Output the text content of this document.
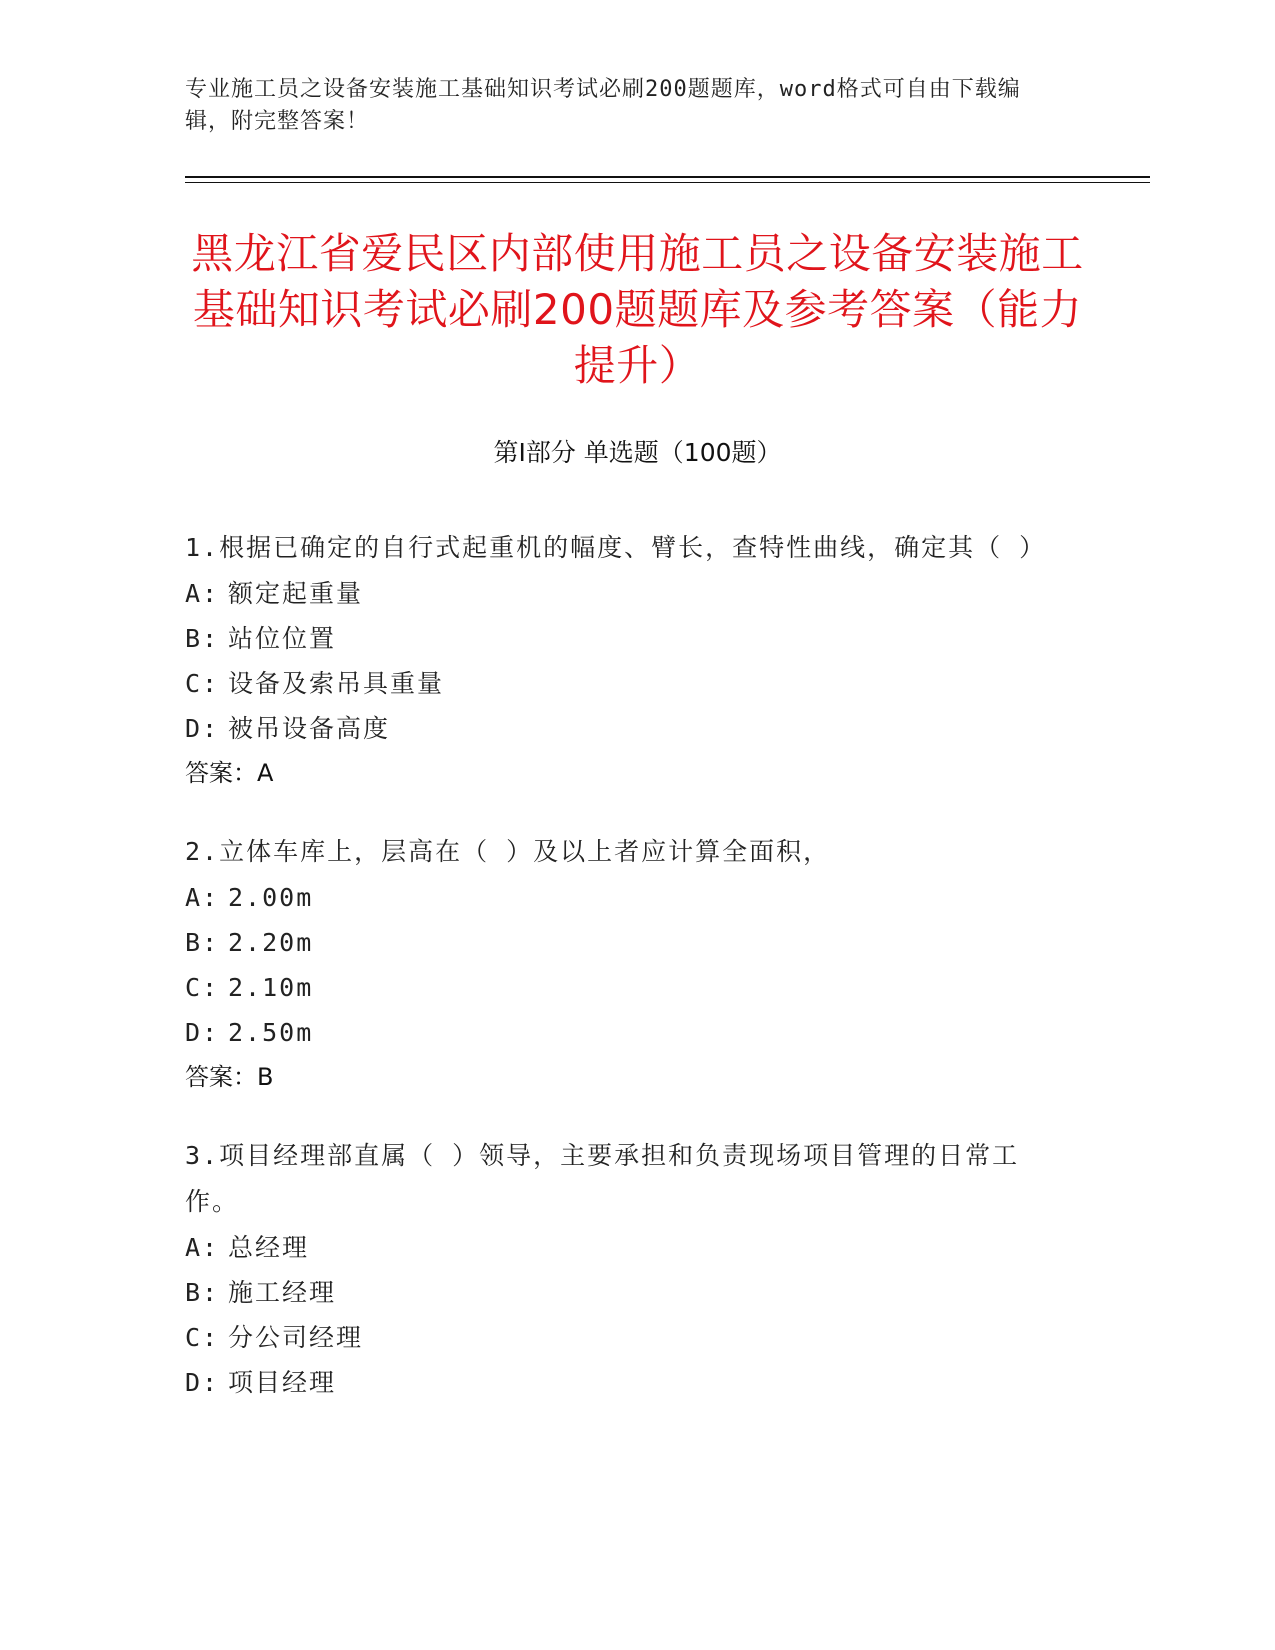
专业施工员之设备安装施工基础知识考试必刷200题题库，word格式可自由下载编辑，附完整答案！
黑龙江省爱民区内部使用施工员之设备安装施工基础知识考试必刷200题题库及参考答案（能力提升）
第Ⅰ部分 单选题（100题）
1.根据已确定的自行式起重机的幅度、臂长，查特性曲线，确定其（ ）
A: 额定起重量
B: 站位位置
C: 设备及索吊具重量
D: 被吊设备高度
答案：A
2.立体车库上，层高在（ ）及以上者应计算全面积，
A: 2.00m
B: 2.20m
C: 2.10m
D: 2.50m
答案：B
3.项目经理部直属（ ）领导，主要承担和负责现场项目管理的日常工作。
A: 总经理
B: 施工经理
C: 分公司经理
D: 项目经理
